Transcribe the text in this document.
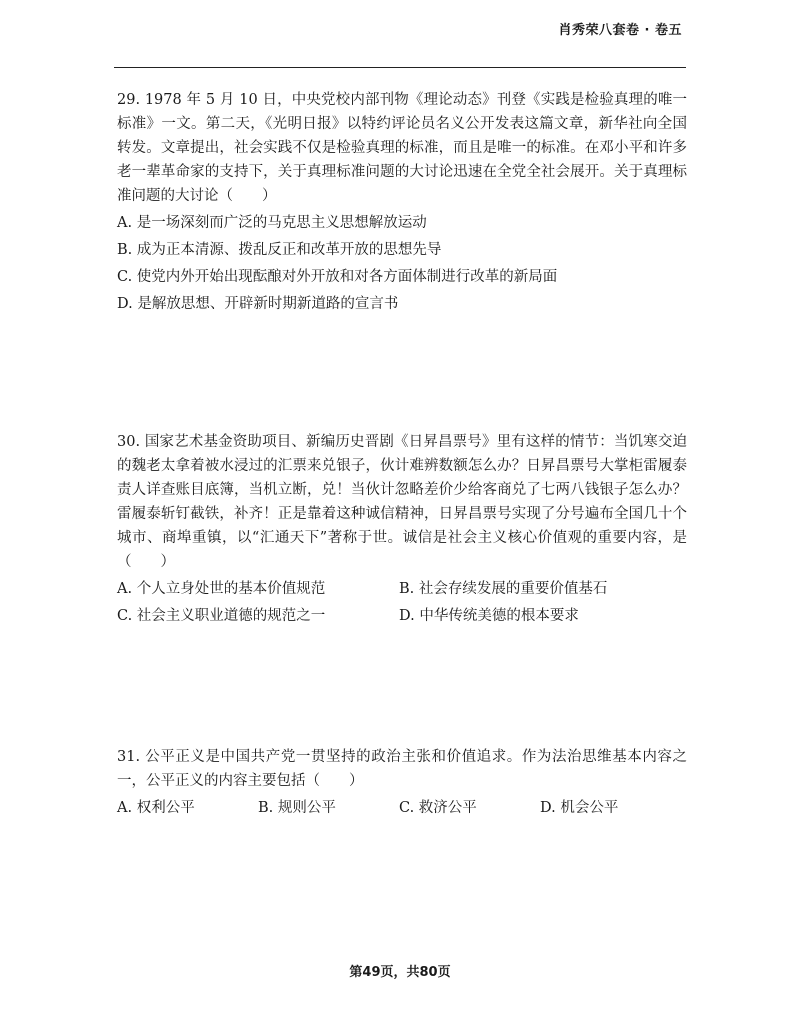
肖秀荣八套卷 · 卷五
29. 1978 年 5 月 10 日，中央党校内部刊物《理论动态》刊登《实践是检验真理的唯一标准》一文。第二天，《光明日报》以特约评论员名义公开发表这篇文章，新华社向全国转发。文章提出，社会实践不仅是检验真理的标准，而且是唯一的标准。在邓小平和许多老一辈革命家的支持下，关于真理标准问题的大讨论迅速在全党全社会展开。关于真理标准问题的大讨论（　　）
A. 是一场深刻而广泛的马克思主义思想解放运动
B. 成为正本清源、拨乱反正和改革开放的思想先导
C. 使党内外开始出现酝酿对外开放和对各方面体制进行改革的新局面
D. 是解放思想、开辟新时期新道路的宣言书
30. 国家艺术基金资助项目、新编历史晋剧《日昇昌票号》里有这样的情节：当饥寒交迫的魏老太拿着被水浸过的汇票来兑银子，伙计难辨数额怎么办？日昇昌票号大掌柜雷履泰责人详查账目底簿，当机立断，兑！当伙计忽略差价少给客商兑了七两八钱银子怎么办？雷履泰斩钉截铁，补齐！正是靠着这种诚信精神，日昇昌票号实现了分号遍布全国几十个城市、商埠重镇，以“汇通天下”著称于世。诚信是社会主义核心价值观的重要内容，是（　　）
A. 个人立身处世的基本价值规范	B. 社会存续发展的重要价值基石
C. 社会主义职业道德的规范之一	D. 中华传统美德的根本要求
31. 公平正义是中国共产党一贯坚持的政治主张和价值追求。作为法治思维基本内容之一，公平正义的内容主要包括（　　）
A. 权利公平	B. 规则公平	C. 救济公平	D. 机会公平
第49页，共80页
